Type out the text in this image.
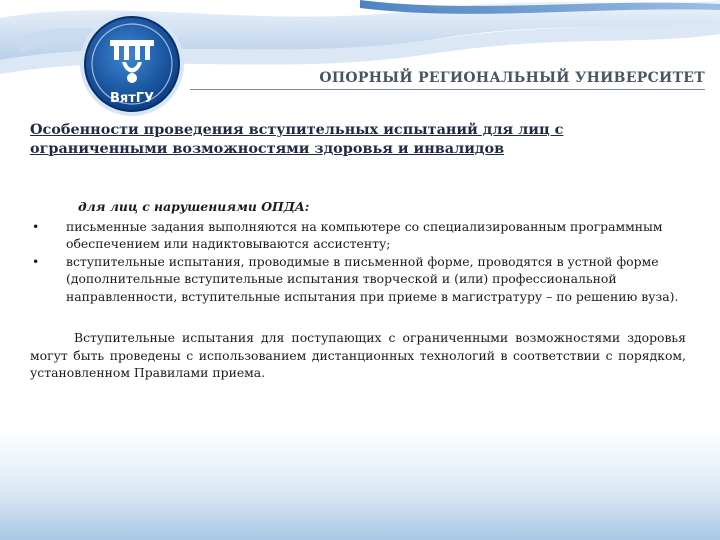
ВятГУ
ОПОРНЫЙ РЕГИОНАЛЬНЫЙ УНИВЕРСИТЕТ
Особенности проведения вступительных испытаний для лиц с ограниченными возможностями здоровья и инвалидов
для лиц с нарушениями ОПДА:
• письменные задания выполняются на компьютере со специализированным программным обеспечением или надиктовываются ассистенту;
• вступительные испытания, проводимые в письменной форме, проводятся в устной форме (дополнительные вступительные испытания творческой и (или) профессиональной направленности, вступительные испытания при приеме в магистратуру – по решению вуза).
Вступительные испытания для поступающих с ограниченными возможностями здоровья могут быть проведены с использованием дистанционных технологий в соответствии с порядком, установленном Правилами приема.
